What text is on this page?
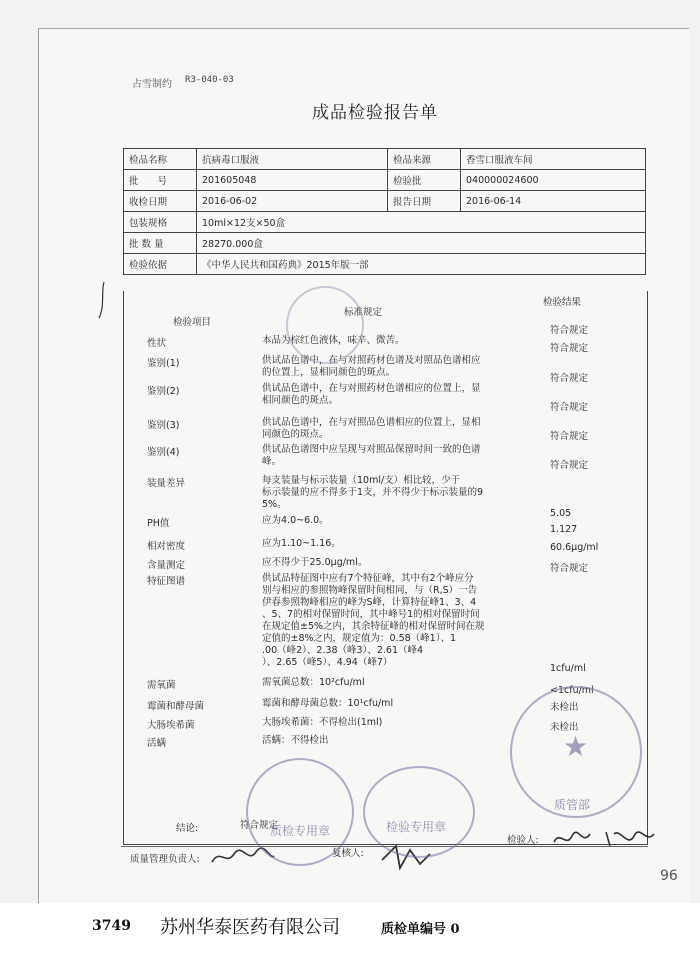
占雪制约 R3-040-03
96
成品检验报告单
检品名称	抗病毒口服液	检品来源	香雪口服液车间
批　　号	201605048	检验批	040000024600
收检日期	2016-06-02	报告日期	2016-06-14
包装规格	10ml×12支×50盒		
批 数 量	28270.000盒		
检验依据	《中华人民共和国药典》2015年版一部		
检验项目
标准规定
检验结果
性状	本品为棕红色液体，味辛、微苦。
符合规定
鉴别(1)	供试品色谱中，在与对照药材色谱及对照品色谱相应
的位置上，显相同颜色的斑点。
符合规定
鉴别(2)	供试品色谱中，在与对照药材色谱相应的位置上，显
相同颜色的斑点。
符合规定
鉴别(3)	供试品色谱中，在与对照品色谱相应的位置上，显相
同颜色的斑点。
符合规定
鉴别(4)	供试品色谱图中应呈现与对照品保留时间一致的色谱
峰。
符合规定
装量差异	每支装量与标示装量（10ml/支）相比较，少于
标示装量的应不得多于1支，并不得少于标示装量的9
5%。
符合规定
PH值	应为4.0~6.0。
5.05
相对密度	应为1.10~1.16。
1.127
含量测定	应不得少于25.0μg/ml。
60.6μg/ml
特征图谱	供试品特征图中应有7个特征峰，其中有2个峰应分
别与相应的参照物峰保留时间相同，与（R,S）一告
伊春参照物峰相应的峰为S峰，计算特征峰1、3、4
、5、7的相对保留时间，其中峰号1的相对保留时间
在规定值±5%之内，其余特征峰的相对保留时间在规
定值的±8%之内，规定值为：0.58（峰1）、1
.00（峰2）、2.38（峰3）、2.61（峰4
）、2.65（峰5）、4.94（峰7）
符合规定
需氧菌	需氧菌总数：10²cfu/ml
1cfu/ml
霉菌和酵母菌	霉菌和酵母菌总数：10¹cfu/ml
<1cfu/ml
大肠埃希菌	大肠埃希菌：不得检出(1ml)
未检出
活螨	活螨：不得检出
未检出
结论:	符合规定
质量管理负责人:
复核人:
检验人:
质检专用章	检验专用章
★
质管部
3749 苏州华泰医药有限公司	质检单编号 0
